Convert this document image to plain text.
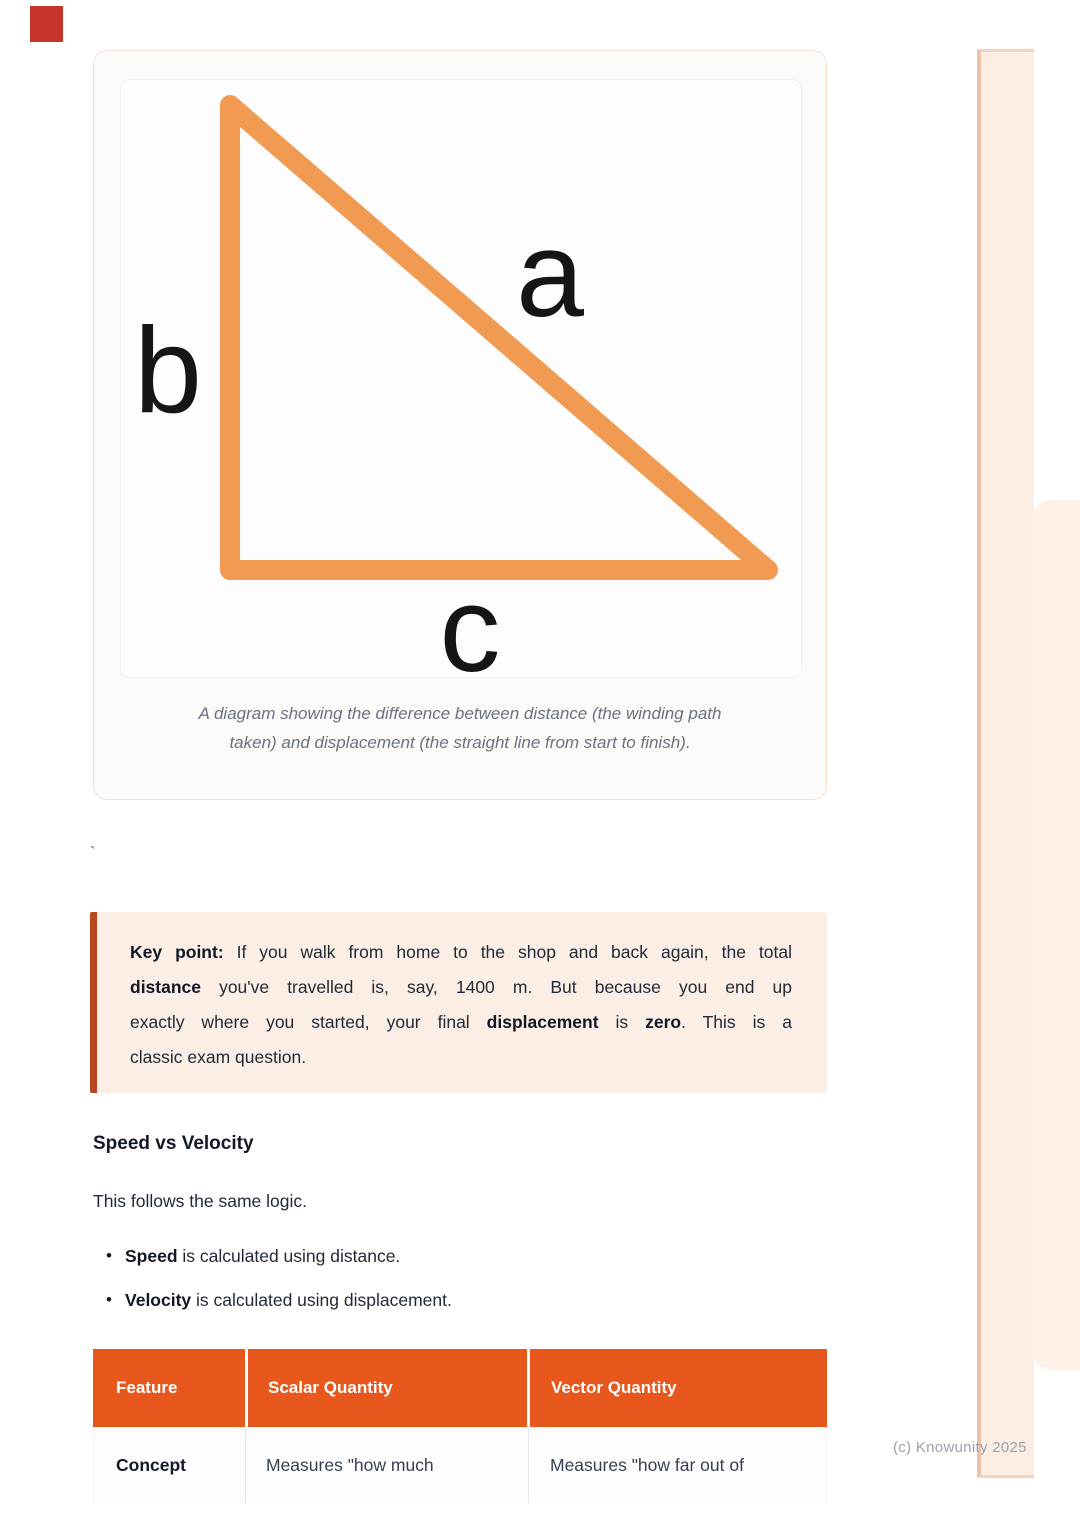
a
b
c
A diagram showing the difference between distance (the winding path
taken) and displacement (the straight line from start to finish).
`
Key point: If you walk from home to the shop and back again, the total
distance you've travelled is, say, 1400 m. But because you end up
exactly where you started, your final displacement is zero. This is a
classic exam question.
Speed vs Velocity
This follows the same logic.
• Speed is calculated using distance.
• Velocity is calculated using displacement.
Feature	Scalar Quantity	Vector Quantity
Concept	Measures "how much	Measures "how far out of
(c) Knowunity 2025
